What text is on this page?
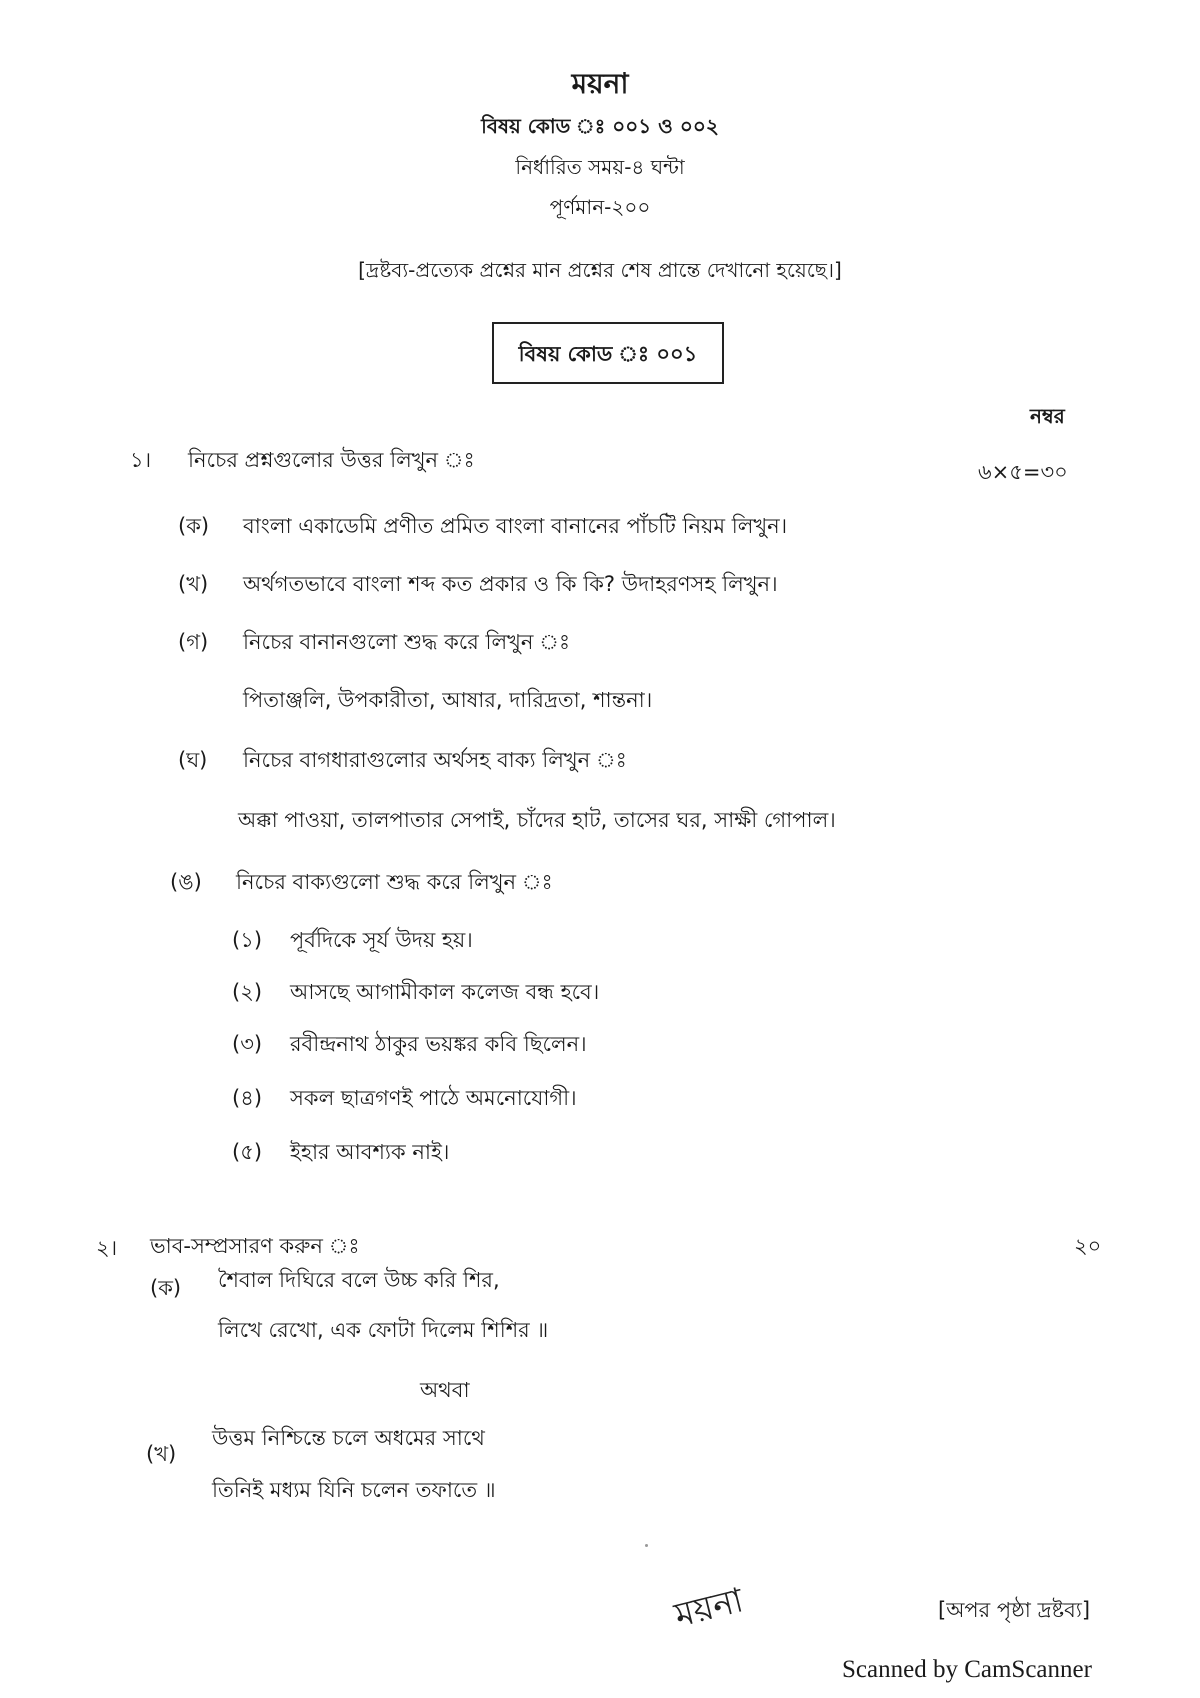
ময়না
বিষয় কোড ঃ ০০১ ও ০০২
নির্ধারিত সময়-৪ ঘন্টা
পূর্ণমান-২০০
[দ্রষ্টব্য-প্রত্যেক প্রশ্নের মান প্রশ্নের শেষ প্রান্তে দেখানো হয়েছে।]
বিষয় কোড ঃ ০০১
নম্বর
১। নিচের প্রশ্নগুলোর উত্তর লিখুন ঃ	৬×৫=৩০
(ক) বাংলা একাডেমি প্রণীত প্রমিত বাংলা বানানের পাঁচটি নিয়ম লিখুন।
(খ) অর্থগতভাবে বাংলা শব্দ কত প্রকার ও কি কি? উদাহরণসহ লিখুন।
(গ) নিচের বানানগুলো শুদ্ধ করে লিখুন ঃ
পিতাঞ্জলি, উপকারীতা, আষার, দারিদ্রতা, শান্তনা।
(ঘ) নিচের বাগধারাগুলোর অর্থসহ বাক্য লিখুন ঃ
অক্কা পাওয়া, তালপাতার সেপাই, চাঁদের হাট, তাসের ঘর, সাক্ষী গোপাল।
(ঙ) নিচের বাক্যগুলো শুদ্ধ করে লিখুন ঃ
(১) পূর্বদিকে সূর্য উদয় হয়।
(২) আসছে আগামীকাল কলেজ বন্ধ হবে।
(৩) রবীন্দ্রনাথ ঠাকুর ভয়ঙ্কর কবি ছিলেন।
(৪) সকল ছাত্রগণই পাঠে অমনোযোগী।
(৫) ইহার আবশ্যক নাই।
২। ভাব-সম্প্রসারণ করুন ঃ	২০
(ক) শৈবাল দিঘিরে বলে উচ্চ করি শির,
লিখে রেখো, এক ফোটা দিলেম শিশির ॥
অথবা
(খ)
উত্তম নিশ্চিন্তে চলে অধমের সাথে
তিনিই মধ্যম যিনি চলেন তফাতে ॥
ময়না	[অপর পৃষ্ঠা দ্রষ্টব্য]
Scanned by CamScanner
